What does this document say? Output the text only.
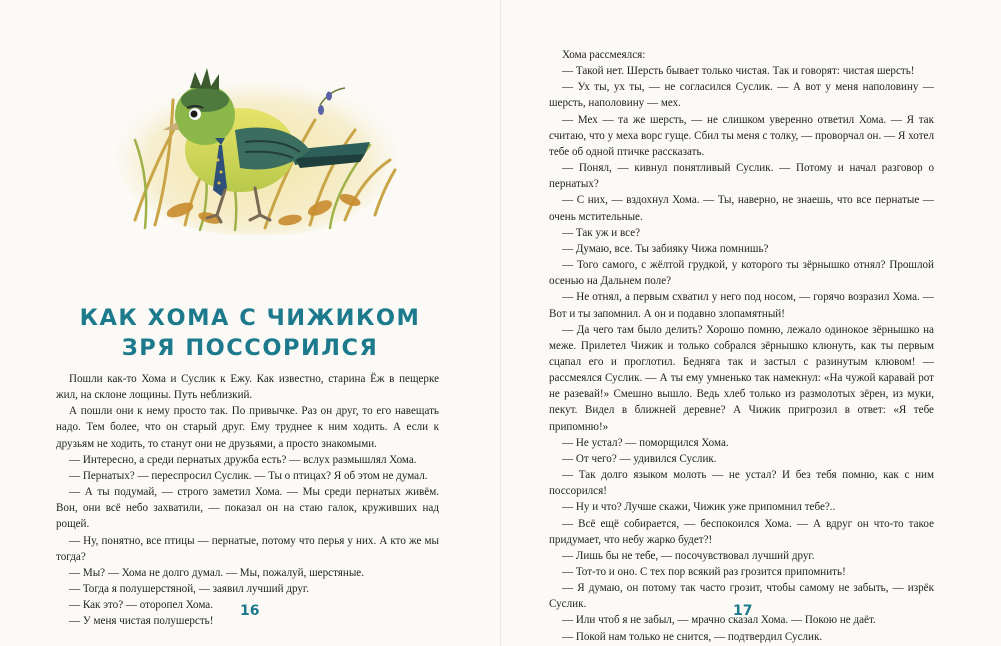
КАК ХОМА С ЧИЖИКОМ
ЗРЯ ПОССОРИЛСЯ

Пошли как-то Хома и Суслик к Ежу. Как известно, старина Ёж в пещерке жил, на склоне лощины. Путь неблизкий.

А пошли они к нему просто так. По привычке. Раз он друг, то его навещать надо. Тем более, что он старый друг. Ему труднее к ним ходить. А если к друзьям не ходить, то станут они не друзьями, а просто знакомыми.

— Интересно, а среди пернатых дружба есть? — вслух размышлял Хома.

— Пернатых? — переспросил Суслик. — Ты о птицах? Я об этом не думал.

— А ты подумай, — строго заметил Хома. — Мы среди пернатых живём. Вон, они всё небо захватили, — показал он на стаю галок, круживших над рощей.

— Ну, понятно, все птицы — пернатые, потому что перья у них. А кто же мы тогда?

— Мы? — Хома не долго думал. — Мы, пожалуй, шерстяные.

— Тогда я полушерстяной, — заявил лучший друг.

— Как это? — оторопел Хома.

— У меня чистая полушерсть!

16

Хома рассмеялся:

— Такой нет. Шерсть бывает только чистая. Так и говорят: чистая шерсть!

— Ух ты, ух ты, — не согласился Суслик. — А вот у меня наполовину — шерсть, наполовину — мех.

— Мех — та же шерсть, — не слишком уверенно ответил Хома. — Я так считаю, что у меха ворс гуще. Сбил ты меня с толку, — проворчал он. — Я хотел тебе об одной птичке рассказать.

— Понял, — кивнул понятливый Суслик. — Потому и начал разговор о пернатых?

— С них, — вздохнул Хома. — Ты, наверно, не знаешь, что все пернатые — очень мстительные.

— Так уж и все?

— Думаю, все. Ты забияку Чижа помнишь?

— Того самого, с жёлтой грудкой, у которого ты зёрнышко отнял? Прошлой осенью на Дальнем поле?

— Не отнял, а первым схватил у него под носом, — горячо возразил Хома. — Вот и ты запомнил. А он и подавно злопамятный!

— Да чего там было делить? Хорошо помню, лежало одинокое зёрнышко на меже. Прилетел Чижик и только собрался зёрнышко клюнуть, как ты первым сцапал его и проглотил. Бедняга так и застыл с разинутым клювом! — рассмеялся Суслик. — А ты ему умненько так намекнул: «На чужой каравай рот не разевай!» Смешно вышло. Ведь хлеб только из размолотых зёрен, из муки, пекут. Видел в ближней деревне? А Чижик пригрозил в ответ: «Я тебе припомню!»

— Не устал? — поморщился Хома.

— От чего? — удивился Суслик.

— Так долго языком молоть — не устал? И без тебя помню, как с ним поссорился!

— Ну и что? Лучше скажи, Чижик уже припомнил тебе?..

— Всё ещё собирается, — беспокоился Хома. — А вдруг он что-то такое придумает, что небу жарко будет?!

— Лишь бы не тебе, — посочувствовал лучший друг.

— Тот-то и оно. С тех пор всякий раз грозится припомнить!

— Я думаю, он потому так часто грозит, чтобы самому не забыть, — изрёк Суслик.

— Или чтоб я не забыл, — мрачно сказал Хома. — Покою не даёт.

— Покой нам только не снится, — подтвердил Суслик.

17
